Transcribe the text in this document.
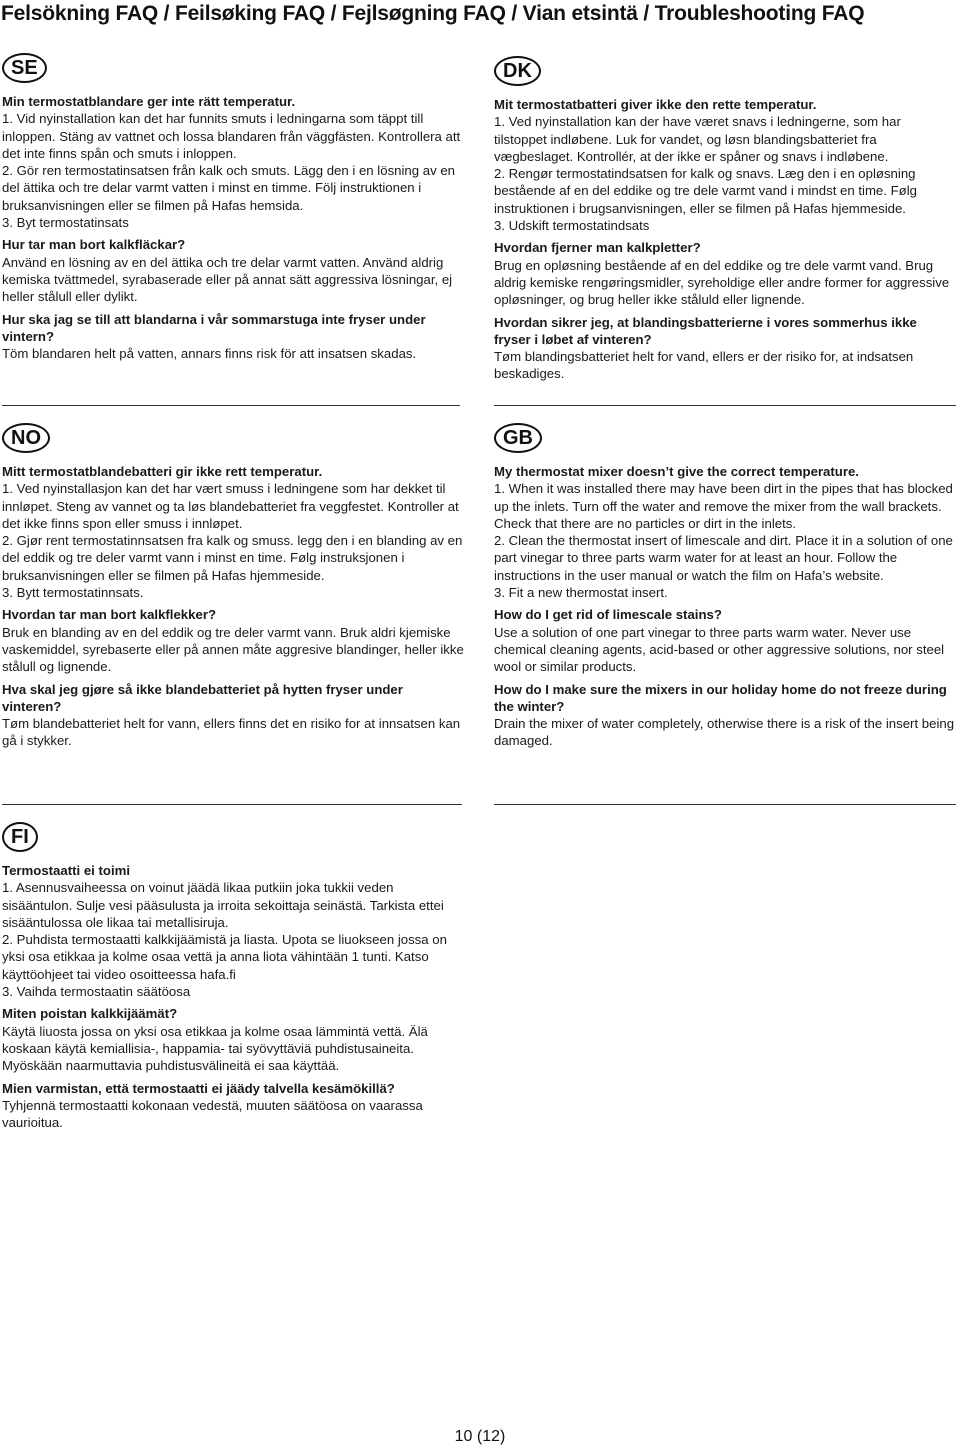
Felsökning FAQ / Feilsøking FAQ / Fejlsøgning FAQ / Vian etsintä / Troubleshooting FAQ
SE

Min termostatblandare ger inte rätt temperatur.

1. Vid nyinstallation kan det har funnits smuts i ledningarna som täppt till inloppen. Stäng av vattnet och lossa blandaren från väggfästen. Kontrollera att det inte finns spån och smuts i inloppen.

2. Gör ren termostatinsatsen från kalk och smuts. Lägg den i en lösning av en del ättika och tre delar varmt vatten i minst en timme. Följ instruktionen i bruksanvisningen eller se filmen på Hafas hemsida.

3. Byt termostatinsats

Hur tar man bort kalkfläckar?

Använd en lösning av en del ättika och tre delar varmt vatten. Använd aldrig kemiska tvättmedel, syrabaserade eller på annat sätt aggressiva lösningar, ej heller stålull eller dylikt.

Hur ska jag se till att blandarna i vår sommarstuga inte fryser under vintern?

Töm blandaren helt på vatten, annars finns risk för att insatsen skadas.

DK

Mit termostatbatteri giver ikke den rette temperatur.

1. Ved nyinstallation kan der have været snavs i ledningerne, som har tilstoppet indløbene. Luk for vandet, og løsn blandingsbatteriet fra vægbeslaget. Kontrollér, at der ikke er spåner og snavs i indløbene.

2. Rengør termostatindsatsen for kalk og snavs. Læg den i en opløsning bestående af en del eddike og tre dele varmt vand i mindst en time. Følg instruktionen i brugsanvisningen, eller se filmen på Hafas hjemmeside.

3. Udskift termostatindsats

Hvordan fjerner man kalkpletter?

Brug en opløsning bestående af en del eddike og tre dele varmt vand. Brug aldrig kemiske rengøringsmidler, syreholdige eller andre former for aggressive opløsninger, og brug heller ikke ståluld eller lignende.

Hvordan sikrer jeg, at blandingsbatterierne i vores sommerhus ikke fryser i løbet af vinteren?

Tøm blandingsbatteriet helt for vand, ellers er der risiko for, at indsatsen beskadiges.

NO

Mitt termostatblandebatteri gir ikke rett temperatur.

1. Ved nyinstallasjon kan det har vært smuss i ledningene som har dekket til innløpet. Steng av vannet og ta løs blandebatteriet fra veggfestet. Kontroller at det ikke finns spon eller smuss i innløpet.

2. Gjør rent termostatinnsatsen fra kalk og smuss. legg den i en blanding av en del eddik og tre deler varmt vann i minst en time. Følg instruksjonen i bruksanvisningen eller se filmen på Hafas hjemmeside.

3. Bytt termostatinnsats.

Hvordan tar man bort kalkflekker?

Bruk en blanding av en del eddik og tre deler varmt vann. Bruk aldri kjemiske vaskemiddel, syrebaserte eller på annen måte aggresive blandinger, heller ikke stålull og lignende.

Hva skal jeg gjøre så ikke blandebatteriet på hytten fryser under vinteren?

Tøm blandebatteriet helt for vann, ellers finns det en risiko for at innsatsen kan gå i stykker.

GB

My thermostat mixer doesn’t give the correct temperature.

1. When it was installed there may have been dirt in the pipes that has blocked up the inlets. Turn off the water and remove the mixer from the wall brackets. Check that there are no particles or dirt in the inlets.

2. Clean the thermostat insert of limescale and dirt. Place it in a solution of one part vinegar to three parts warm water for at least an hour. Follow the instructions in the user manual or watch the film on Hafa’s website.

3. Fit a new thermostat insert.

How do I get rid of limescale stains?

Use a solution of one part vinegar to three parts warm water. Never use chemical cleaning agents, acid-based or other aggressive solutions, nor steel wool or similar products.

How do I make sure the mixers in our holiday home do not freeze during the winter?

Drain the mixer of water completely, otherwise there is a risk of the insert being damaged.

FI

Termostaatti ei toimi

1. Asennusvaiheessa on voinut jäädä likaa putkiin joka tukkii veden sisääntulon. Sulje vesi pääsulusta ja irroita sekoittaja seinästä. Tarkista ettei sisääntulossa ole likaa tai metallisiruja.

2. Puhdista termostaatti kalkkijäämistä ja liasta. Upota se liuokseen jossa on yksi osa etikkaa ja kolme osaa vettä ja anna liota vähintään 1 tunti. Katso käyttöohjeet tai video osoitteessa hafa.fi

3. Vaihda termostaatin säätöosa

Miten poistan kalkkijäämät?

Käytä liuosta jossa on yksi osa etikkaa ja kolme osaa lämmintä vettä. Älä koskaan käytä kemiallisia-, happamia- tai syövyttäviä puhdistusaineita. Myöskään naarmuttavia puhdistusvälineitä ei saa käyttää.

Mien varmistan, että termostaatti ei jäädy talvella kesämökillä?

Tyhjennä termostaatti kokonaan vedestä, muuten säätöosa on vaarassa vaurioitua.

10 (12)
